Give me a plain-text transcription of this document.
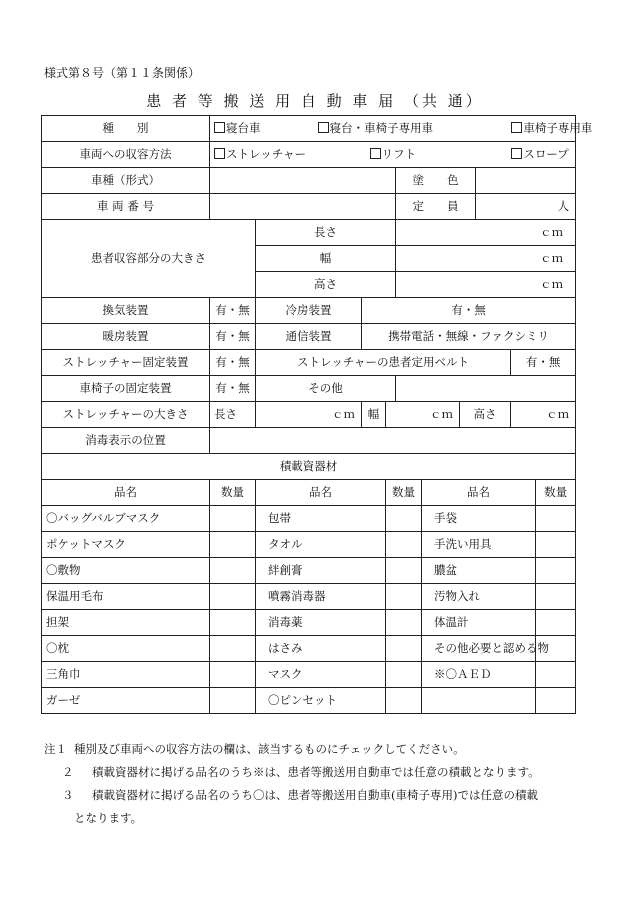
様式第８号（第１１条関係）
患 者 等 搬 送 用 自 動 車 届 （共 通）
種　　別	寝台車 寝台・車椅子専用車 車椅子専用車									
車両への収容方法	ストレッチャー リフト スロープ									
車種（形式）					塗　　色					
車 両 番 号					定　　員			人		
患者収容部分の大きさ		長さ			ｃｍ					
		幅			ｃｍ					
		高さ			ｃｍ					
換気装置	有・無	冷房装置	有・無							
暖房装置	有・無	通信装置	携帯電話・無線・ファクシミリ							
ストレッチャー固定装置	有・無	ストレッチャーの患者定用ベルト							有・無	
車椅子の固定装置	有・無	その他								
ストレッチャーの大きさ	長さ	ｃｍ	幅	ｃｍ			高さ		ｃｍ	
消毒表示の位置										
積載資器材										
品名	数量	品名		数量		品名				数量
〇バッグバルブマスク		包帯				手袋				
ポケットマスク		タオル				手洗い用具				
〇敷物		絆創膏				膿盆				
保温用毛布		噴霧消毒器				汚物入れ				
担架		消毒薬				体温計				
〇枕		はさみ				その他必要と認める物				
三角巾		マスク				※〇ＡＥＤ				
ガーゼ		〇ピンセット								
注１ 種別及び車両への収容方法の欄は、該当するものにチェックしてください。
２ 積載資器材に掲げる品名のうち※は、患者等搬送用自動車では任意の積載となります。
３ 積載資器材に掲げる品名のうち〇は、患者等搬送用自動車(車椅子専用)では任意の積載
となります。
